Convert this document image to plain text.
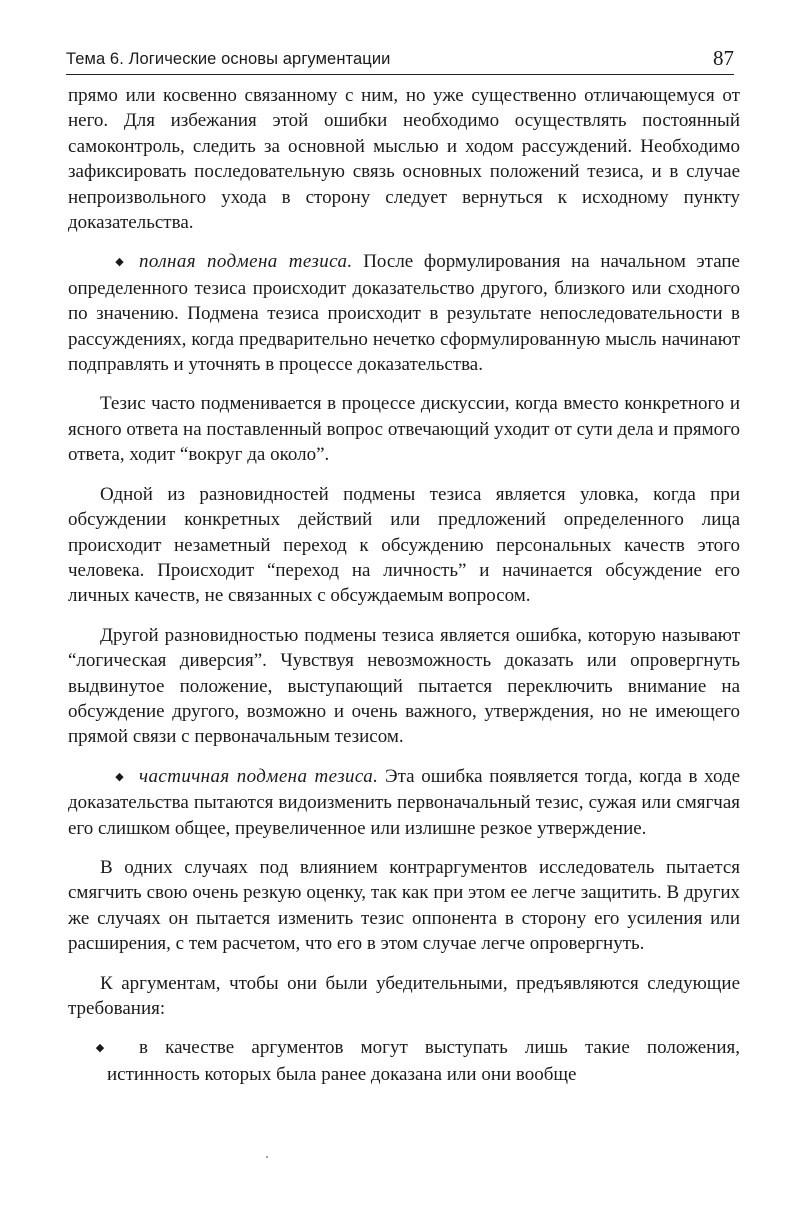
Тема 6. Логические основы аргументации	87

прямо или косвенно связанному с ним, но уже существенно отличающемуся от него. Для избежания этой ошибки необходимо осуществлять постоянный самоконтроль, следить за основной мыслью и ходом рассуждений. Необходимо зафиксировать последовательную связь основных положений тезиса, и в случае непроизвольного ухода в сторону следует вернуться к исходному пункту доказательства.

◆ полная подмена тезиса. После формулирования на начальном этапе определенного тезиса происходит доказательство другого, близкого или сходного по значению. Подмена тезиса происходит в результате непоследовательности в рассуждениях, когда предварительно нечетко сформулированную мысль начинают подправлять и уточнять в процессе доказательства.

Тезис часто подменивается в процессе дискуссии, когда вместо конкретного и ясного ответа на поставленный вопрос отвечающий уходит от сути дела и прямого ответа, ходит “вокруг да около”.

Одной из разновидностей подмены тезиса является уловка, когда при обсуждении конкретных действий или предложений определенного лица происходит незаметный переход к обсуждению персональных качеств этого человека. Происходит “переход на личность” и начинается обсуждение его личных качеств, не связанных с обсуждаемым вопросом.

Другой разновидностью подмены тезиса является ошибка, которую называют “логическая диверсия”. Чувствуя невозможность доказать или опровергнуть выдвинутое положение, выступающий пытается переключить внимание на обсуждение другого, возможно и очень важного, утверждения, но не имеющего прямой связи с первоначальным тезисом.

◆ частичная подмена тезиса. Эта ошибка появляется тогда, когда в ходе доказательства пытаются видоизменить первоначальный тезис, сужая или смягчая его слишком общее, преувеличенное или излишне резкое утверждение.

В одних случаях под влиянием контраргументов исследователь пытается смягчить свою очень резкую оценку, так как при этом ее легче защитить. В других же случаях он пытается изменить тезис оппонента в сторону его усиления или расширения, с тем расчетом, что его в этом случае легче опровергнуть.

К аргументам, чтобы они были убедительными, предъявляются следующие требования:

◆ в качестве аргументов могут выступать лишь такие положения, истинность которых была ранее доказана или они вообще
